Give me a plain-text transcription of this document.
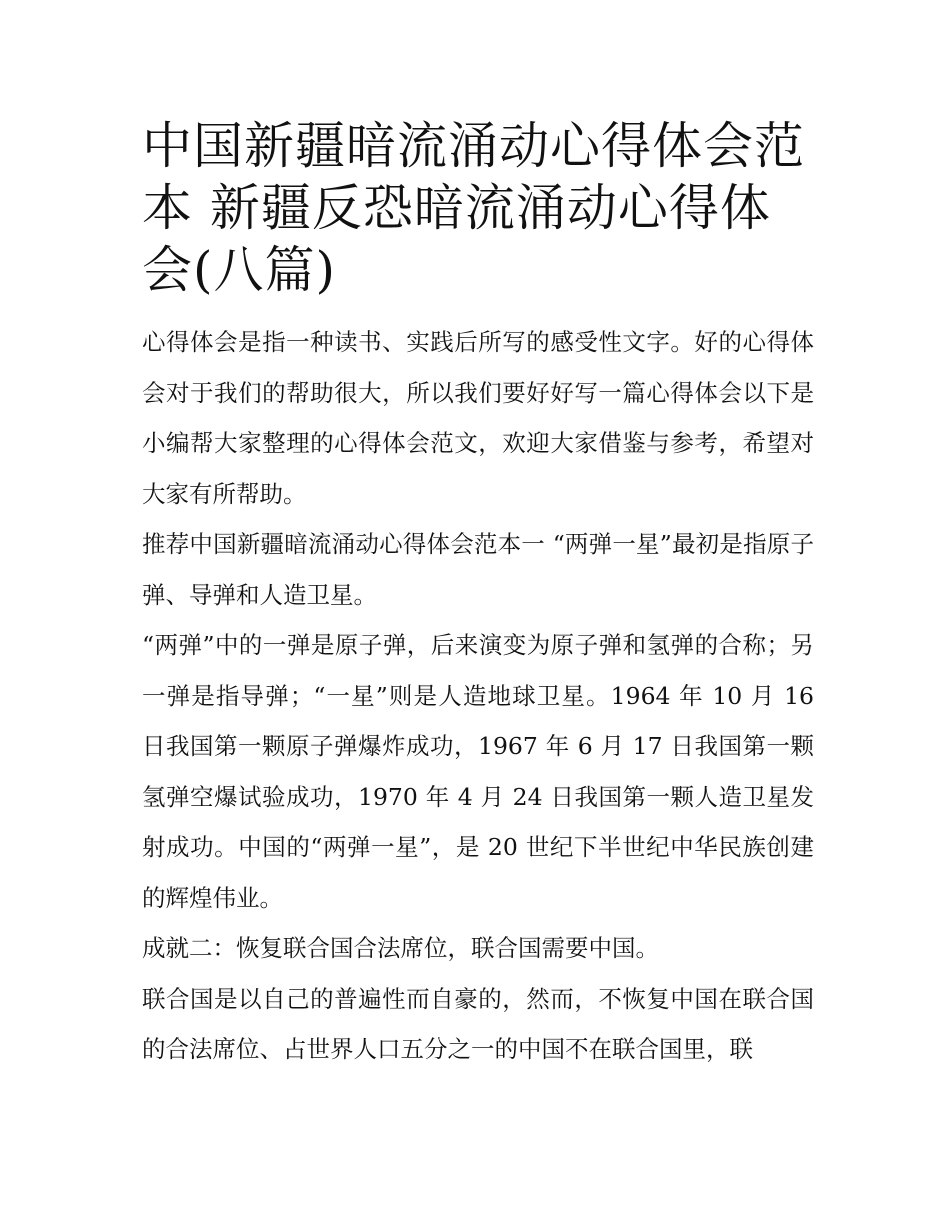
中国新疆暗流涌动心得体会范本 新疆反恐暗流涌动心得体会(八篇)

心得体会是指一种读书、实践后所写的感受性文字。好的心得体会对于我们的帮助很大，所以我们要好好写一篇心得体会以下是小编帮大家整理的心得体会范文，欢迎大家借鉴与参考，希望对大家有所帮助。

推荐中国新疆暗流涌动心得体会范本一 “两弹一星”最初是指原子弹、导弹和人造卫星。

“两弹”中的一弹是原子弹，后来演变为原子弹和氢弹的合称；另一弹是指导弹；“一星”则是人造地球卫星。1964 年 10 月 16 日我国第一颗原子弹爆炸成功，1967 年 6 月 17 日我国第一颗氢弹空爆试验成功，1970 年 4 月 24 日我国第一颗人造卫星发射成功。中国的“两弹一星”，是 20 世纪下半世纪中华民族创建的辉煌伟业。

成就二：恢复联合国合法席位，联合国需要中国。

联合国是以自己的普遍性而自豪的，然而，不恢复中国在联合国的合法席位、占世界人口五分之一的中国不在联合国里，联
